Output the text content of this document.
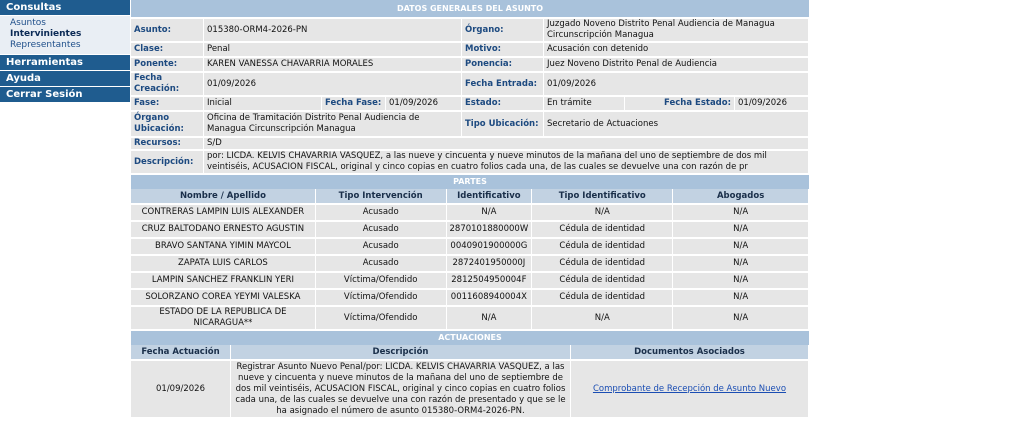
Consultas
Asuntos
Intervinientes
Representantes
Herramientas
Ayuda
Cerrar Sesión
DATOS GENERALES DEL ASUNTO
Asunto:	015380-ORM4-2026-PN			Órgano:	Juzgado Noveno Distrito Penal Audiencia de Managua Circunscripción Managua		
Clase:	Penal			Motivo:	Acusación con detenido		
Ponente:	KAREN VANESSA CHAVARRIA MORALES			Ponencia:	Juez Noveno Distrito Penal de Audiencia		
Fecha Creación:	01/09/2026			Fecha Entrada:	01/09/2026		
Fase:	Inicial	Fecha Fase:	01/09/2026	Estado:	En trámite	Fecha Estado:	01/09/2026
Órgano Ubicación:	Oficina de Tramitación Distrito Penal Audiencia de Managua Circunscripción Managua			Tipo Ubicación:	Secretario de Actuaciones		
Recursos:	S/D						
Descripción:	por: LICDA. KELVIS CHAVARRIA VASQUEZ, a las nueve y cincuenta y nueve minutos de la mañana del uno de septiembre de dos mil veintiséis, ACUSACION FISCAL, original y cinco copias en cuatro folios cada una, de las cuales se devuelve una con razón de pr						
PARTES
Nombre / Apellido	Tipo Intervención	Identificativo	Tipo Identificativo	Abogados
CONTRERAS LAMPIN LUIS ALEXANDER	Acusado	N/A	N/A	N/A
CRUZ BALTODANO ERNESTO AGUSTIN	Acusado	2870101880000W	Cédula de identidad	N/A
BRAVO SANTANA YIMIN MAYCOL	Acusado	0040901900000G	Cédula de identidad	N/A
ZAPATA LUIS CARLOS	Acusado	2872401950000J	Cédula de identidad	N/A
LAMPIN SANCHEZ FRANKLIN YERI	Víctima/Ofendido	2812504950004F	Cédula de identidad	N/A
SOLORZANO COREA YEYMI VALESKA	Víctima/Ofendido	0011608940004X	Cédula de identidad	N/A
ESTADO DE LA REPUBLICA DE NICARAGUA**	Víctima/Ofendido	N/A	N/A	N/A
ACTUACIONES
Fecha Actuación	Descripción	Documentos Asociados
01/09/2026	Registrar Asunto Nuevo Penal/por: LICDA. KELVIS CHAVARRIA VASQUEZ, a las nueve y cincuenta y nueve minutos de la mañana del uno de septiembre de dos mil veintiséis, ACUSACION FISCAL, original y cinco copias en cuatro folios cada una, de las cuales se devuelve una con razón de presentado y que se le ha asignado el número de asunto 015380-ORM4-2026-PN.	Comprobante de Recepción de Asunto Nuevo
